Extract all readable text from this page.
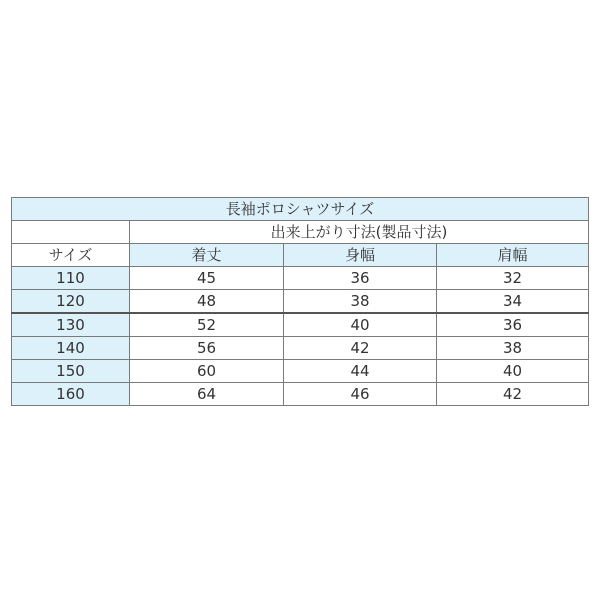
長袖ポロシャツサイズ			
	出来上がり寸法(製品寸法)		
サイズ	着丈	身幅	肩幅
110	45	36	32
120	48	38	34
130	52	40	36
140	56	42	38
150	60	44	40
160	64	46	42
